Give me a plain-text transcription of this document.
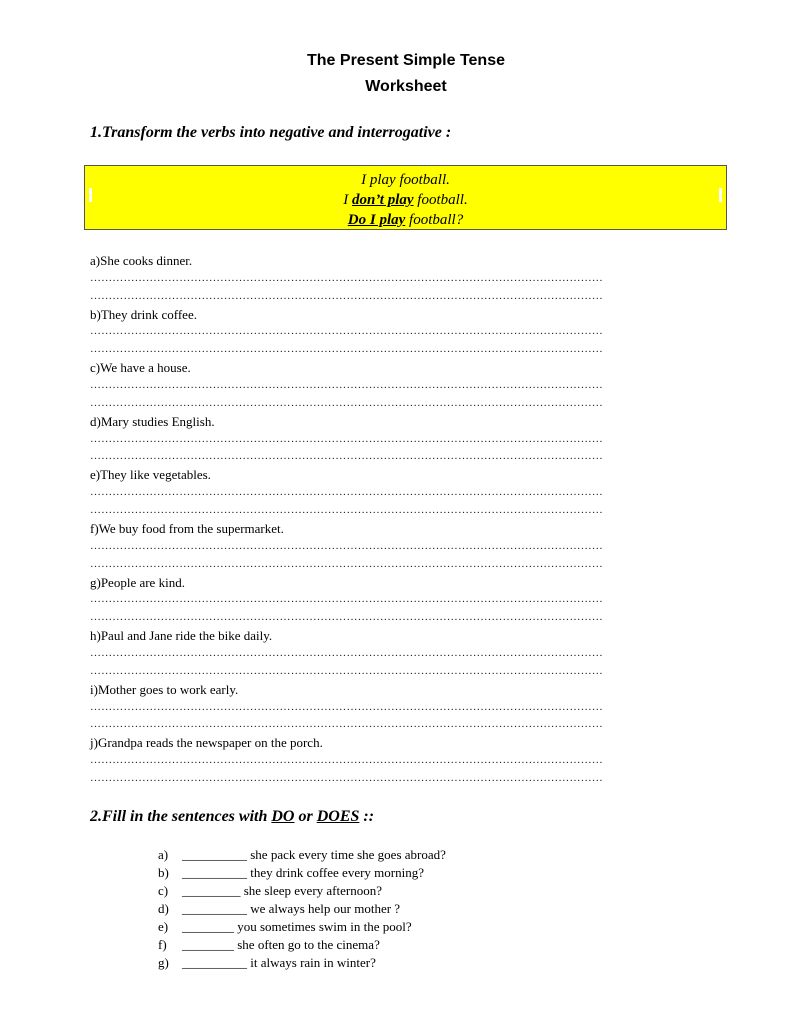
The Present Simple Tense
Worksheet
1.Transform the verbs into negative and interrogative :
I play football.
I don’t play football.
Do I play football?
a)She cooks dinner.
…………………………………………………………………………………………………………………………
…………………………………………………………………………………………………………………………
b)They drink coffee.
…………………………………………………………………………………………………………………………
…………………………………………………………………………………………………………………………
c)We have a house.
…………………………………………………………………………………………………………………………
…………………………………………………………………………………………………………………………
d)Mary studies English.
…………………………………………………………………………………………………………………………
…………………………………………………………………………………………………………………………
e)They like vegetables.
…………………………………………………………………………………………………………………………
…………………………………………………………………………………………………………………………
f)We buy food from the supermarket.
…………………………………………………………………………………………………………………………
…………………………………………………………………………………………………………………………
g)People are kind.
…………………………………………………………………………………………………………………………
…………………………………………………………………………………………………………………………
h)Paul and Jane ride the bike daily.
…………………………………………………………………………………………………………………………
…………………………………………………………………………………………………………………………
i)Mother goes to work early.
…………………………………………………………………………………………………………………………
…………………………………………………………………………………………………………………………
j)Grandpa reads the newspaper on the porch.
…………………………………………………………………………………………………………………………
…………………………………………………………………………………………………………………………
2.Fill in the sentences with DO or DOES ::
a) __________ she pack every time she goes abroad?
b) __________ they drink coffee every morning?
c) _________ she sleep every afternoon?
d) __________ we always help our mother ?
e) ________ you sometimes swim in the pool?
f) ________ she often go to the cinema?
g) __________ it always rain in winter?
